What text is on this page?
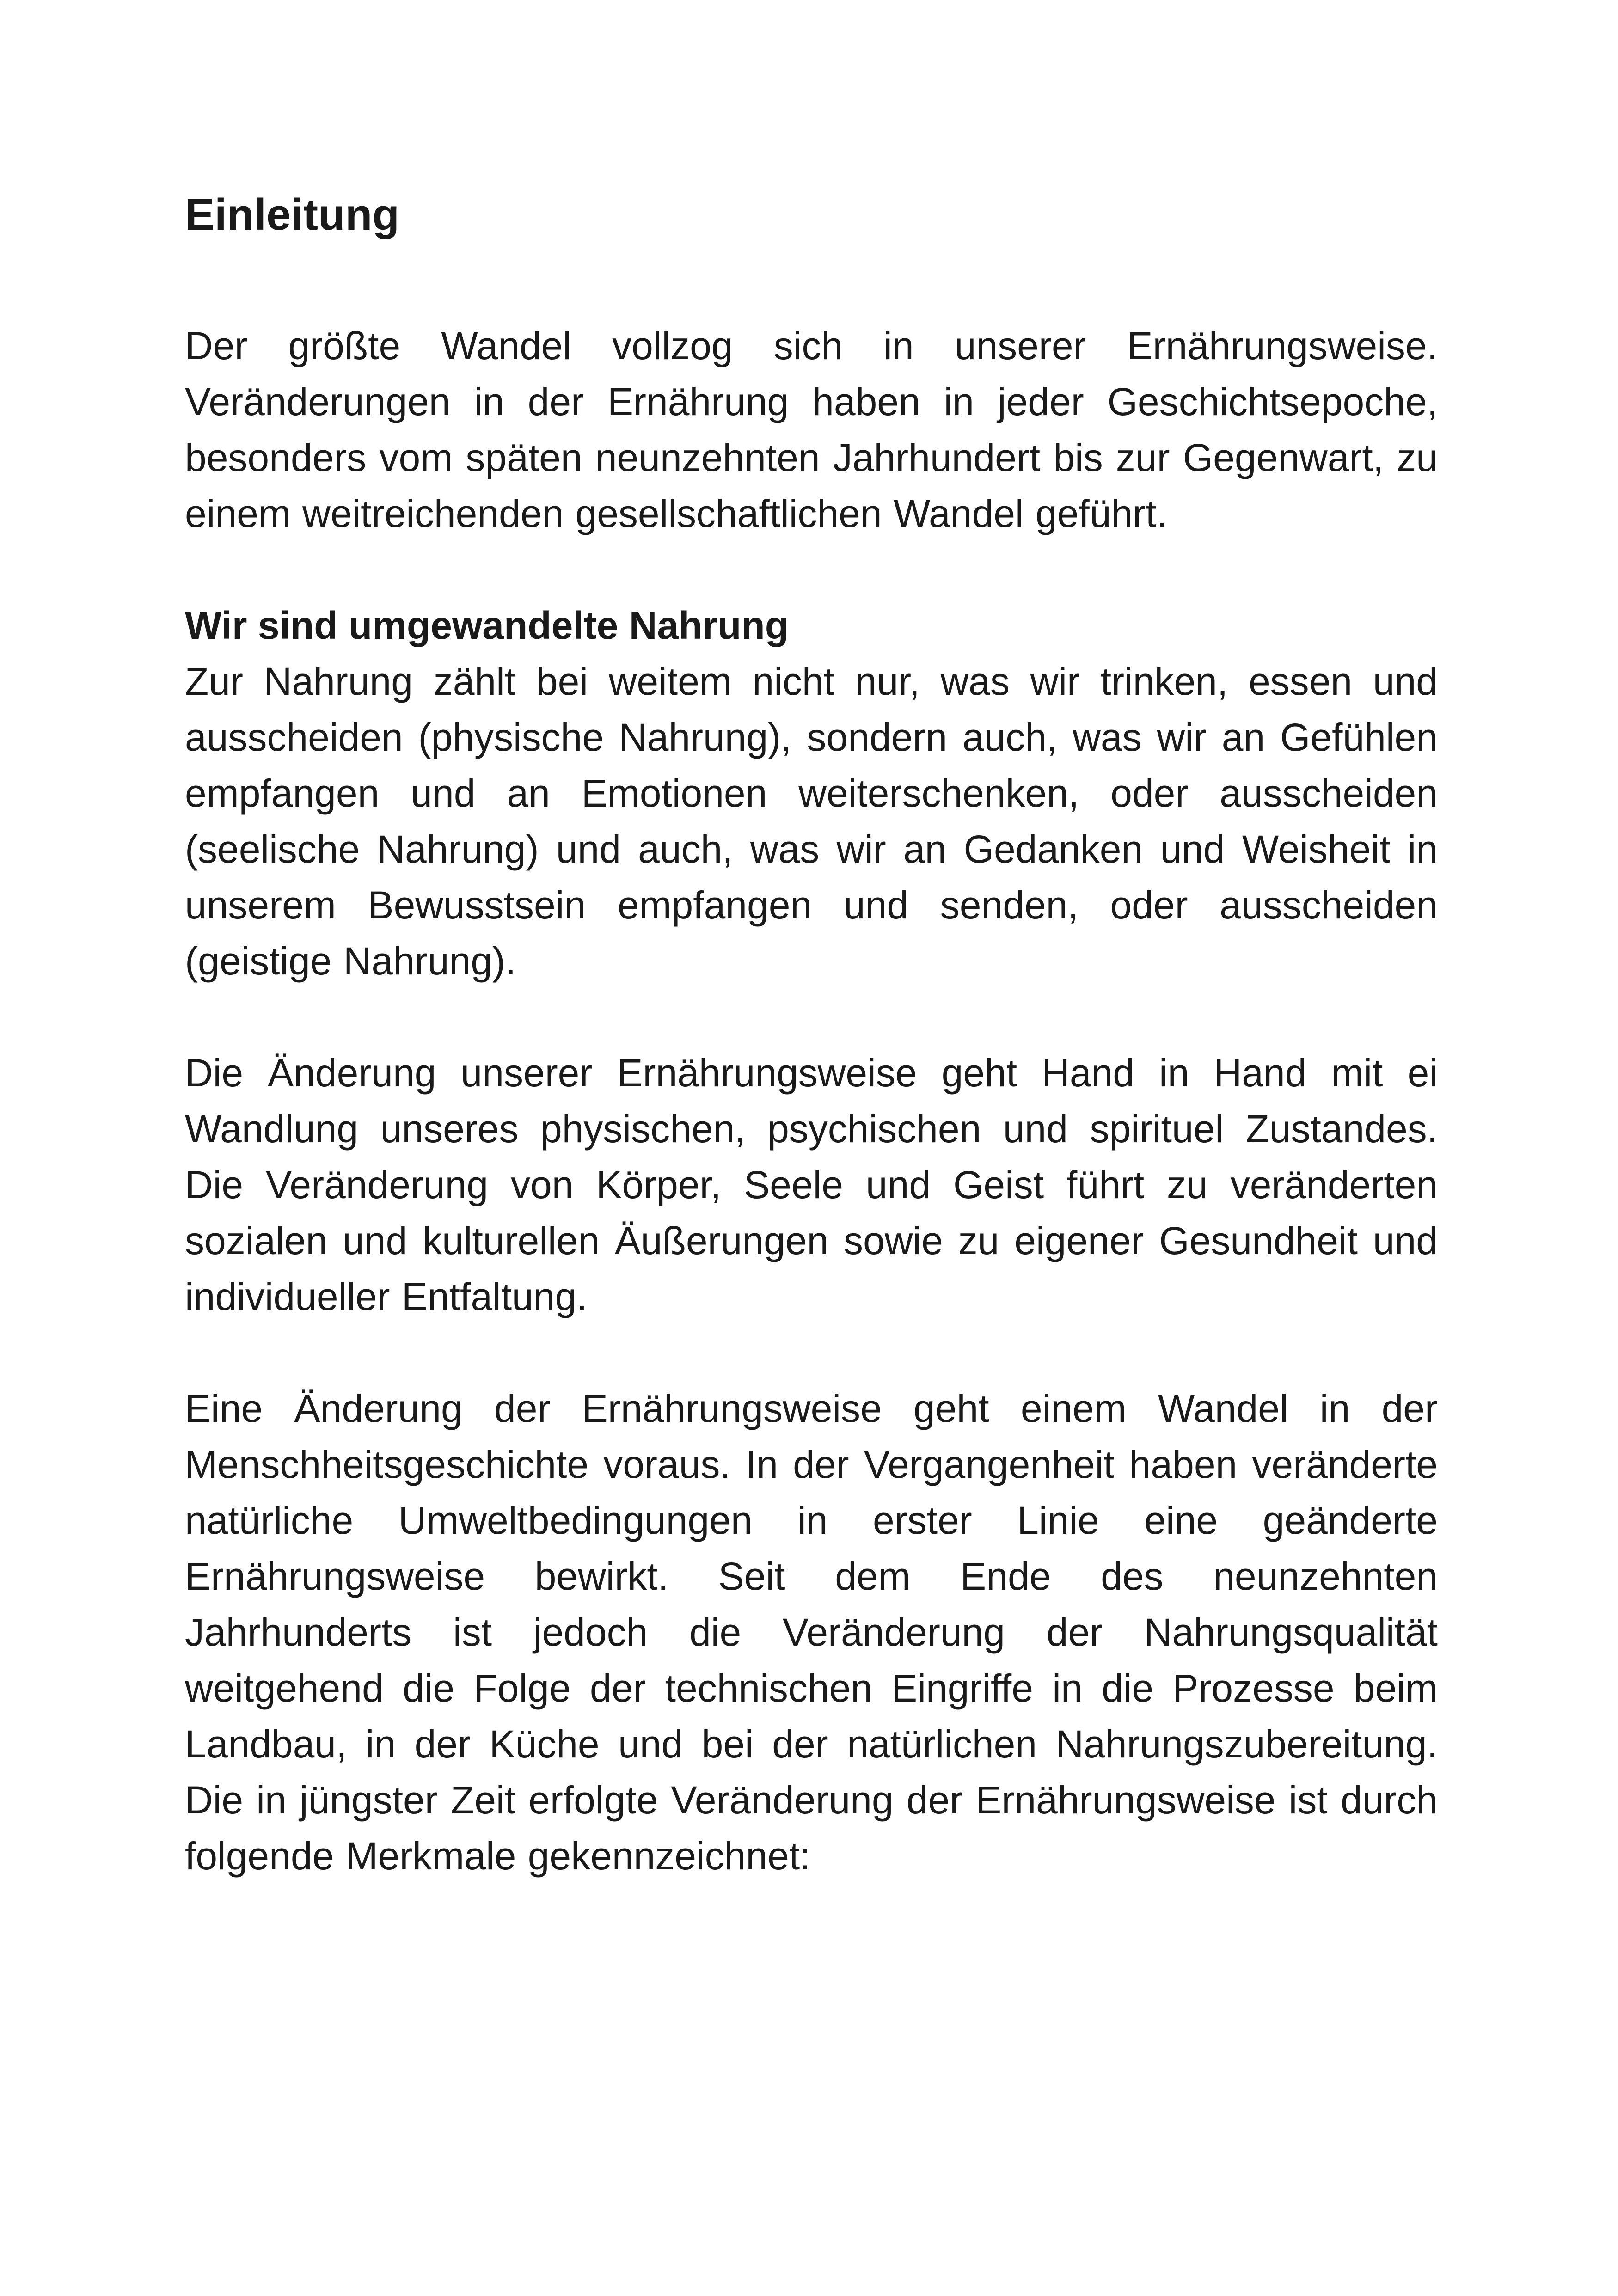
Einleitung

Der größte Wandel vollzog sich in unserer Ernährungsweise. Veränderungen in der Ernährung haben in jeder Geschichtsepoche, besonders vom späten neunzehnten Jahrhundert bis zur Gegenwart, zu einem weitreichenden gesellschaftlichen Wandel geführt.

Wir sind umgewandelte Nahrung

Zur Nahrung zählt bei weitem nicht nur, was wir trinken, essen und ausscheiden (physische Nahrung), sondern auch, was wir an Gefühlen empfangen und an Emotionen weiterschenken, oder ausscheiden (seelische Nahrung) und auch, was wir an Gedanken und Weisheit in unserem Bewusstsein empfangen und senden, oder ausscheiden (geistige Nahrung).

Die Änderung unserer Ernährungsweise geht Hand in Hand mit ei Wandlung unseres physischen, psychischen und spirituel Zustandes. Die Veränderung von Körper, Seele und Geist führt zu veränderten sozialen und kulturellen Äußerungen sowie zu eigener Gesundheit und individueller Entfaltung.

Eine Änderung der Ernährungsweise geht einem Wandel in der Menschheitsgeschichte voraus. In der Vergangenheit haben veränderte natürliche Umweltbedingungen in erster Linie eine geänderte Ernährungsweise bewirkt. Seit dem Ende des neunzehnten Jahrhunderts ist jedoch die Veränderung der Nahrungsqualität weitgehend die Folge der technischen Eingriffe in die Prozesse beim Landbau, in der Küche und bei der natürlichen Nahrungszubereitung. Die in jüngster Zeit erfolgte Veränderung der Ernährungsweise ist durch folgende Merkmale gekennzeichnet:
